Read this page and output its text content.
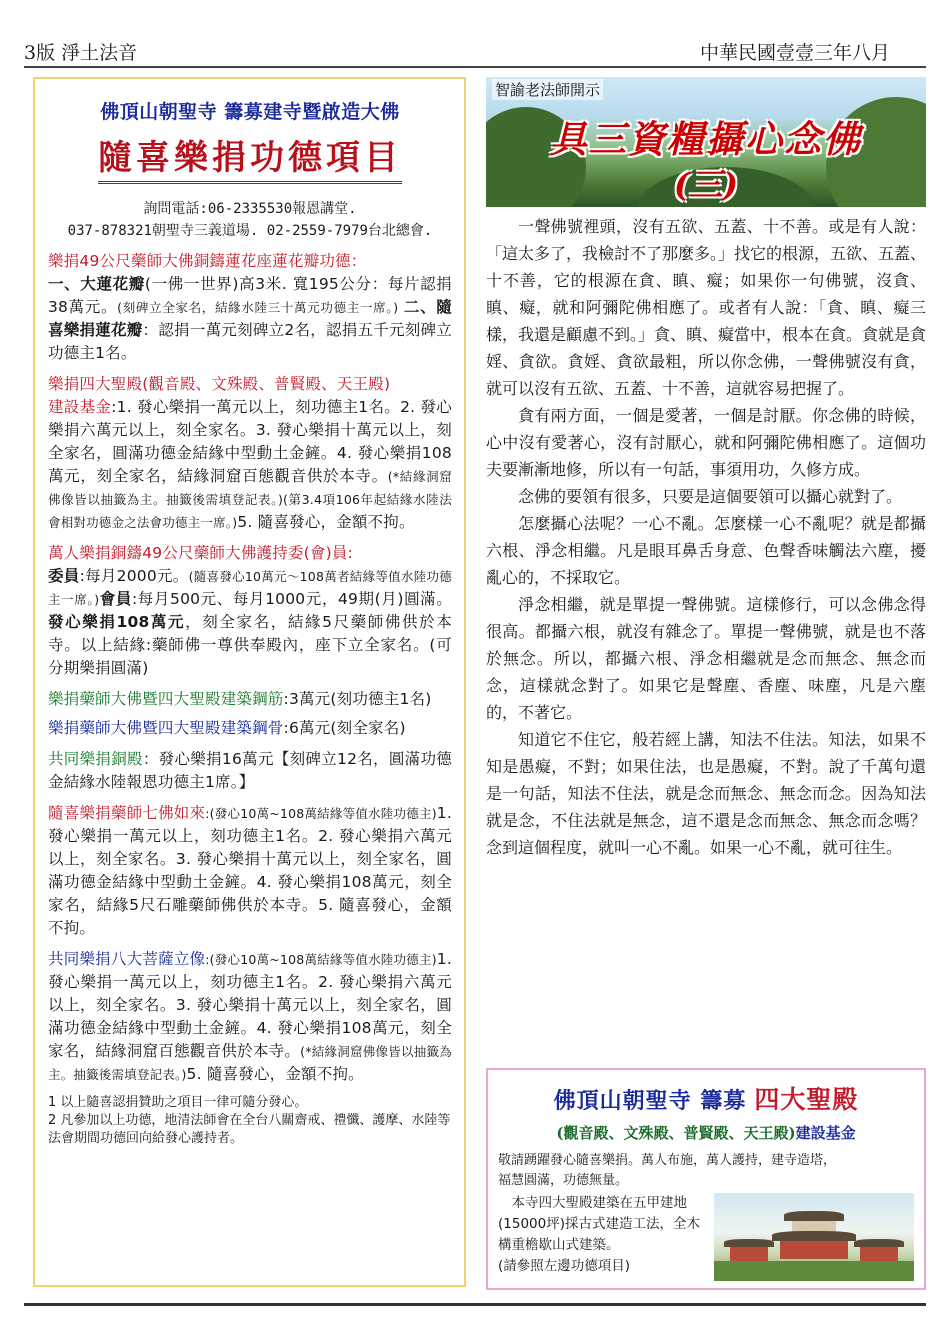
3版 淨土法音	中華民國壹壹三年八月
佛頂山朝聖寺 籌募建寺暨啟造大佛
隨喜樂捐功德項目
詢問電話:06-2335530報恩講堂.
037-878321朝聖寺三義道場. 02-2559-7979台北總會.

樂捐49公尺藥師大佛銅鑄蓮花座蓮花瓣功德：
一、大蓮花瓣(一佛一世界)高3米. 寬195公分：每片認捐38萬元。(刻碑立全家名，結緣水陸三十萬元功德主一席。) 二、隨喜樂捐蓮花瓣：認捐一萬元刻碑立2名，認捐五千元刻碑立功德主1名。

樂捐四大聖殿(觀音殿、文殊殿、普賢殿、天王殿)
建設基金:1. 發心樂捐一萬元以上，刻功德主1名。2. 發心樂捐六萬元以上，刻全家名。3. 發心樂捐十萬元以上，刻全家名，圓滿功德金結緣中型動土金鏟。4. 發心樂捐108萬元，刻全家名，結緣洞窟百態觀音供於本寺。(*結緣洞窟佛像皆以抽籤為主。抽籤後需填登記表。)(第3.4項106年起結緣水陸法會相對功德金之法會功德主一席。)5. 隨喜發心，金額不拘。

萬人樂捐銅鑄49公尺藥師大佛護持委(會)員:
委員:每月2000元。(隨喜發心10萬元～108萬者結緣等值水陸功德主一席。)會員:每月500元、每月1000元，49期(月)圓滿。發心樂捐108萬元，刻全家名，結緣5尺藥師佛供於本寺。以上結緣:藥師佛一尊供奉殿內，座下立全家名。(可分期樂捐圓滿)

樂捐藥師大佛暨四大聖殿建築鋼筋:3萬元(刻功德主1名)

樂捐藥師大佛暨四大聖殿建築鋼骨:6萬元(刻全家名)

共同樂捐銅殿：發心樂捐16萬元【刻碑立12名，圓滿功德金結緣水陸報恩功德主1席。】

隨喜樂捐藥師七佛如來:(發心10萬~108萬結緣等值水陸功德主)1. 發心樂捐一萬元以上，刻功德主1名。2. 發心樂捐六萬元以上，刻全家名。3. 發心樂捐十萬元以上，刻全家名，圓滿功德金結緣中型動土金鏟。4. 發心樂捐108萬元，刻全家名，結緣5尺石雕藥師佛供於本寺。5. 隨喜發心，金額不拘。

共同樂捐八大菩薩立像:(發心10萬~108萬結緣等值水陸功德主)1. 發心樂捐一萬元以上，刻功德主1名。2. 發心樂捐六萬元以上，刻全家名。3. 發心樂捐十萬元以上，刻全家名，圓滿功德金結緣中型動土金鏟。4. 發心樂捐108萬元，刻全家名，結緣洞窟百態觀音供於本寺。(*結緣洞窟佛像皆以抽籤為主。抽籤後需填登記表。)5. 隨喜發心，金額不拘。

1 以上隨喜認捐贊助之項目一律可隨分發心。
2 凡參加以上功德，地清法師會在全台八關齋戒、禮懺、護摩、水陸等法會期間功德回向給發心護持者。
智諭老法師開示
具三資糧攝心念佛
(三)

一聲佛號裡頭，沒有五欲、五蓋、十不善。或是有人說：「這太多了，我檢討不了那麼多。」找它的根源，五欲、五蓋、十不善，它的根源在貪、瞋、癡；如果你一句佛號，沒貪、瞋、癡，就和阿彌陀佛相應了。或者有人說：「貪、瞋、癡三樣，我還是顧慮不到。」貪、瞋、癡當中，根本在貪。貪就是貪婬、貪欲。貪婬、貪欲最粗，所以你念佛，一聲佛號沒有貪，就可以沒有五欲、五蓋、十不善，這就容易把握了。

貪有兩方面，一個是愛著，一個是討厭。你念佛的時候，心中沒有愛著心，沒有討厭心，就和阿彌陀佛相應了。這個功夫要漸漸地修，所以有一句話，事須用功，久修方成。

念佛的要領有很多，只要是這個要領可以攝心就對了。

怎麼攝心法呢？一心不亂。怎麼樣一心不亂呢？就是都攝六根、淨念相繼。凡是眼耳鼻舌身意、色聲香味觸法六塵，擾亂心的，不採取它。

淨念相繼，就是單提一聲佛號。這樣修行，可以念佛念得很高。都攝六根，就沒有雜念了。單提一聲佛號，就是也不落於無念。所以，都攝六根、淨念相繼就是念而無念、無念而念，這樣就念對了。如果它是聲塵、香塵、味塵，凡是六塵的，不著它。

知道它不住它，般若經上講，知法不住法。知法，如果不知是愚癡，不對；如果住法，也是愚癡，不對。說了千萬句還是一句話，知法不住法，就是念而無念、無念而念。因為知法就是念，不住法就是無念，這不還是念而無念、無念而念嗎？念到這個程度，就叫一心不亂。如果一心不亂，就可往生。

佛頂山朝聖寺 籌募 四大聖殿
(觀音殿、文殊殿、普賢殿、天王殿)建設基金
敬請踴躍發心隨喜樂捐。萬人布施，萬人護持，建寺造塔，
福慧圓滿，功德無量。

本寺四大聖殿建築在五甲建地(15000坪)採古式建造工法，全木構重檐歇山式建築。

(請參照左邊功德項目)
